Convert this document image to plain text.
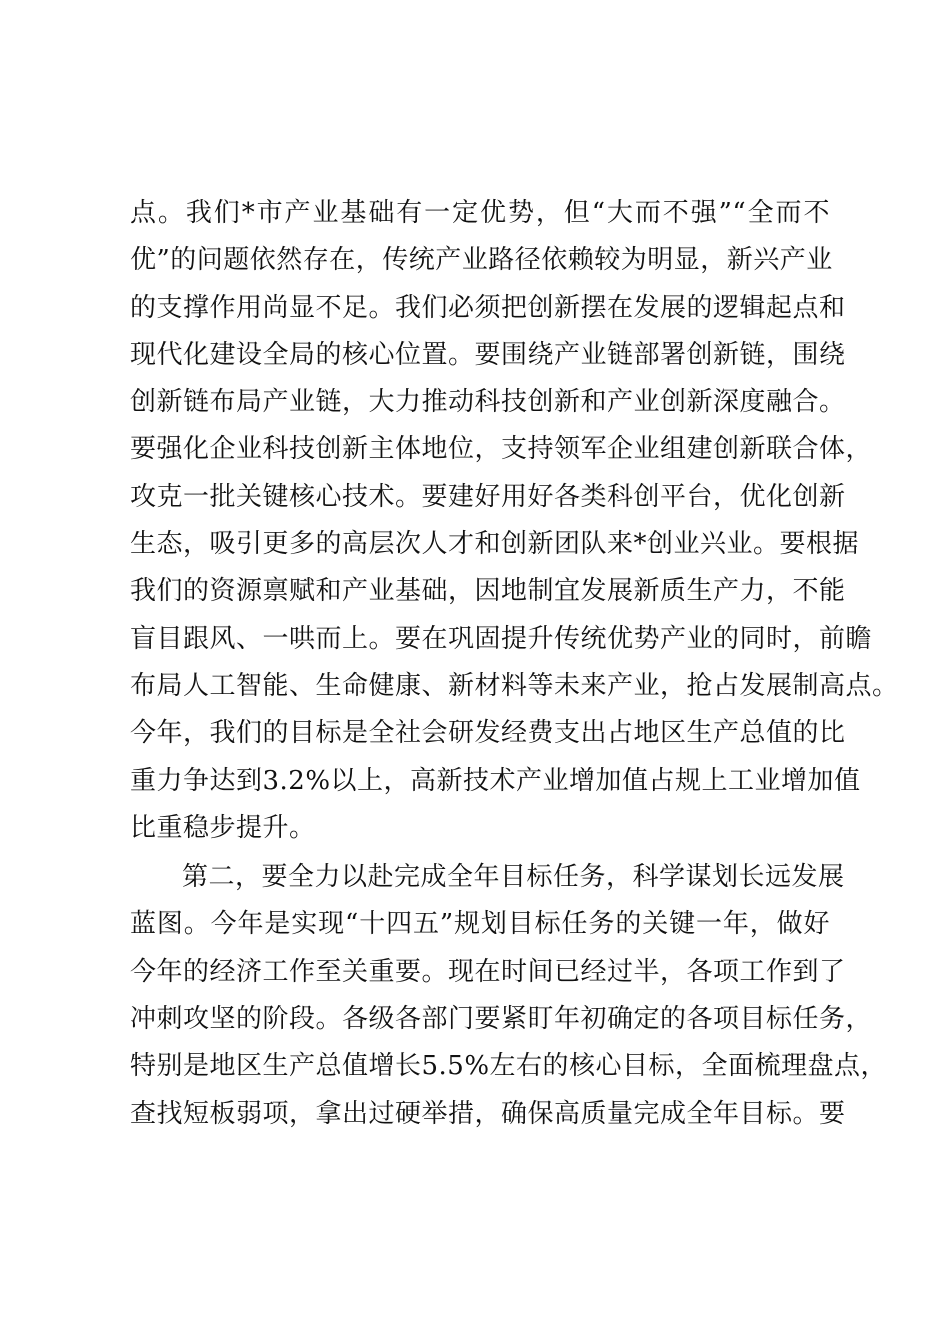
点。我们*市产业基础有一定优势，但“大而不强”“全而不
优”的问题依然存在，传统产业路径依赖较为明显，新兴产业
的支撑作用尚显不足。我们必须把创新摆在发展的逻辑起点和
现代化建设全局的核心位置。要围绕产业链部署创新链，围绕
创新链布局产业链，大力推动科技创新和产业创新深度融合。
要强化企业科技创新主体地位，支持领军企业组建创新联合体，
攻克一批关键核心技术。要建好用好各类科创平台，优化创新
生态，吸引更多的高层次人才和创新团队来*创业兴业。要根据
我们的资源禀赋和产业基础，因地制宜发展新质生产力，不能
盲目跟风、一哄而上。要在巩固提升传统优势产业的同时，前瞻
布局人工智能、生命健康、新材料等未来产业，抢占发展制高点。
今年，我们的目标是全社会研发经费支出占地区生产总值的比
重力争达到3.2%以上，高新技术产业增加值占规上工业增加值
比重稳步提升。
第二，要全力以赴完成全年目标任务，科学谋划长远发展
蓝图。今年是实现“十四五”规划目标任务的关键一年，做好
今年的经济工作至关重要。现在时间已经过半，各项工作到了
冲刺攻坚的阶段。各级各部门要紧盯年初确定的各项目标任务，
特别是地区生产总值增长5.5%左右的核心目标，全面梳理盘点，
查找短板弱项，拿出过硬举措，确保高质量完成全年目标。要
